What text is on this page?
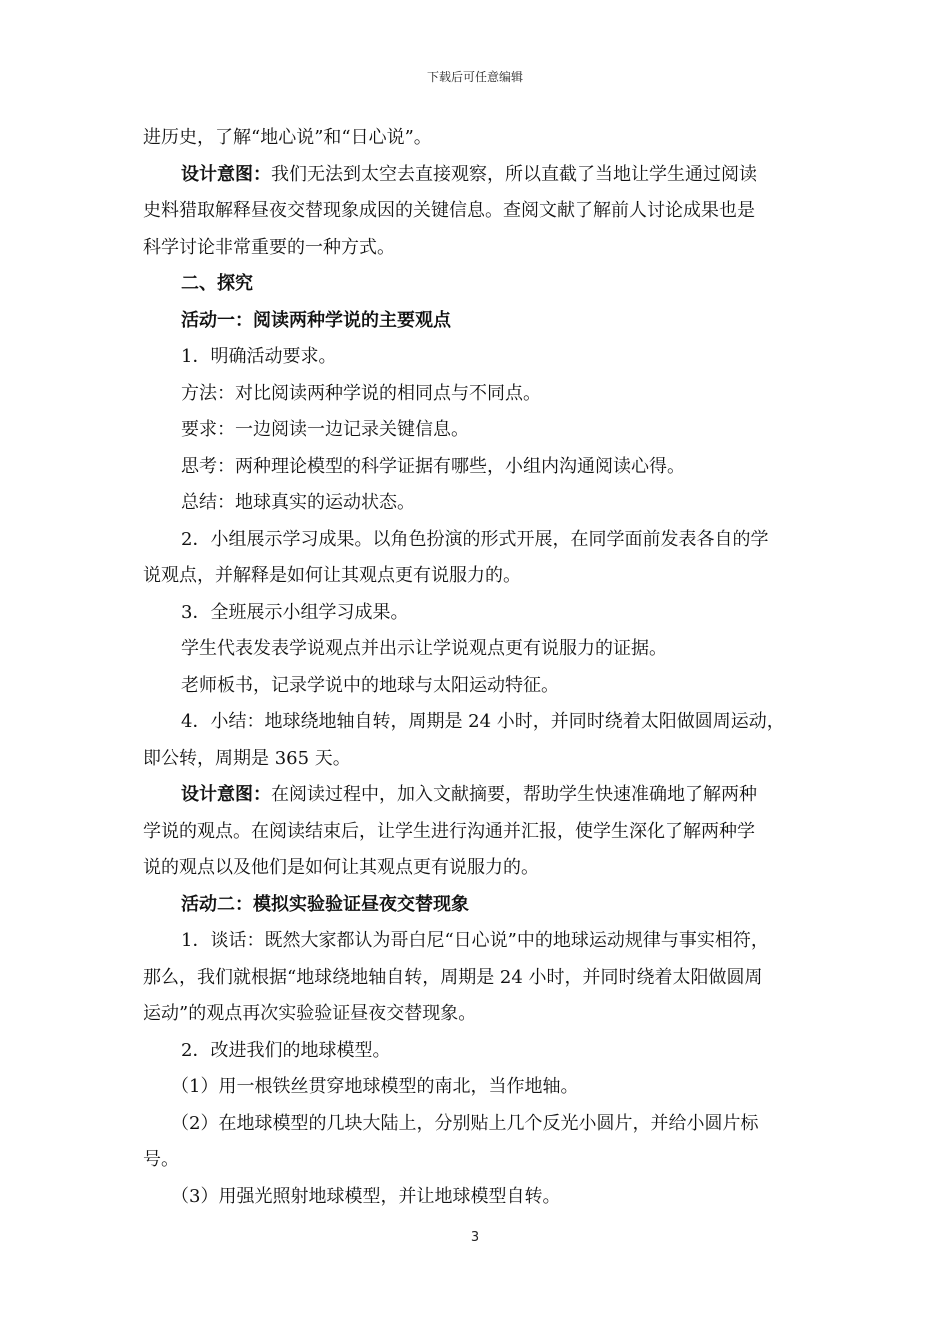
下载后可任意编辑
进历史，了解“地心说”和“日心说”。
设计意图：我们无法到太空去直接观察，所以直截了当地让学生通过阅读
史料猎取解释昼夜交替现象成因的关键信息。查阅文献了解前人讨论成果也是
科学讨论非常重要的一种方式。
二、探究
活动一：阅读两种学说的主要观点
1．明确活动要求。
方法：对比阅读两种学说的相同点与不同点。
要求：一边阅读一边记录关键信息。
思考：两种理论模型的科学证据有哪些，小组内沟通阅读心得。
总结：地球真实的运动状态。
2．小组展示学习成果。以角色扮演的形式开展，在同学面前发表各自的学
说观点，并解释是如何让其观点更有说服力的。
3．全班展示小组学习成果。
学生代表发表学说观点并出示让学说观点更有说服力的证据。
老师板书，记录学说中的地球与太阳运动特征。
4．小结：地球绕地轴自转，周期是 24 小时，并同时绕着太阳做圆周运动，
即公转，周期是 365 天。
设计意图：在阅读过程中，加入文献摘要，帮助学生快速准确地了解两种
学说的观点。在阅读结束后，让学生进行沟通并汇报，使学生深化了解两种学
说的观点以及他们是如何让其观点更有说服力的。
活动二：模拟实验验证昼夜交替现象
1．谈话：既然大家都认为哥白尼“日心说”中的地球运动规律与事实相符，
那么，我们就根据“地球绕地轴自转，周期是 24 小时，并同时绕着太阳做圆周
运动”的观点再次实验验证昼夜交替现象。
2．改进我们的地球模型。
（1）用一根铁丝贯穿地球模型的南北，当作地轴。
（2）在地球模型的几块大陆上，分别贴上几个反光小圆片，并给小圆片标
号。
（3）用强光照射地球模型，并让地球模型自转。
3
